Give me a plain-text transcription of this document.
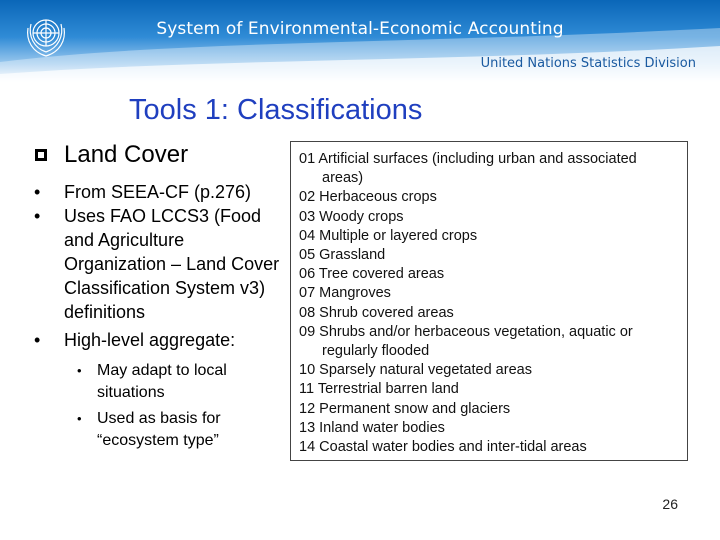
System of Environmental-Economic Accounting
United Nations Statistics Division
Tools 1: Classifications
Land Cover
• From SEEA-CF (p.276)
• Uses FAO LCCS3 (Food and Agriculture Organization – Land Cover Classification System v3) definitions
• High-level aggregate:
• May adapt to local situations
• Used as basis for “ecosystem type”
01 Artificial surfaces (including urban and associated areas)
02 Herbaceous crops
03 Woody crops
04 Multiple or layered crops
05 Grassland
06 Tree covered areas
07 Mangroves
08 Shrub covered areas
09 Shrubs and/or herbaceous vegetation, aquatic or regularly flooded
10 Sparsely natural vegetated areas
11 Terrestrial barren land
12 Permanent snow and glaciers
13 Inland water bodies
14 Coastal water bodies and inter-tidal areas
26
